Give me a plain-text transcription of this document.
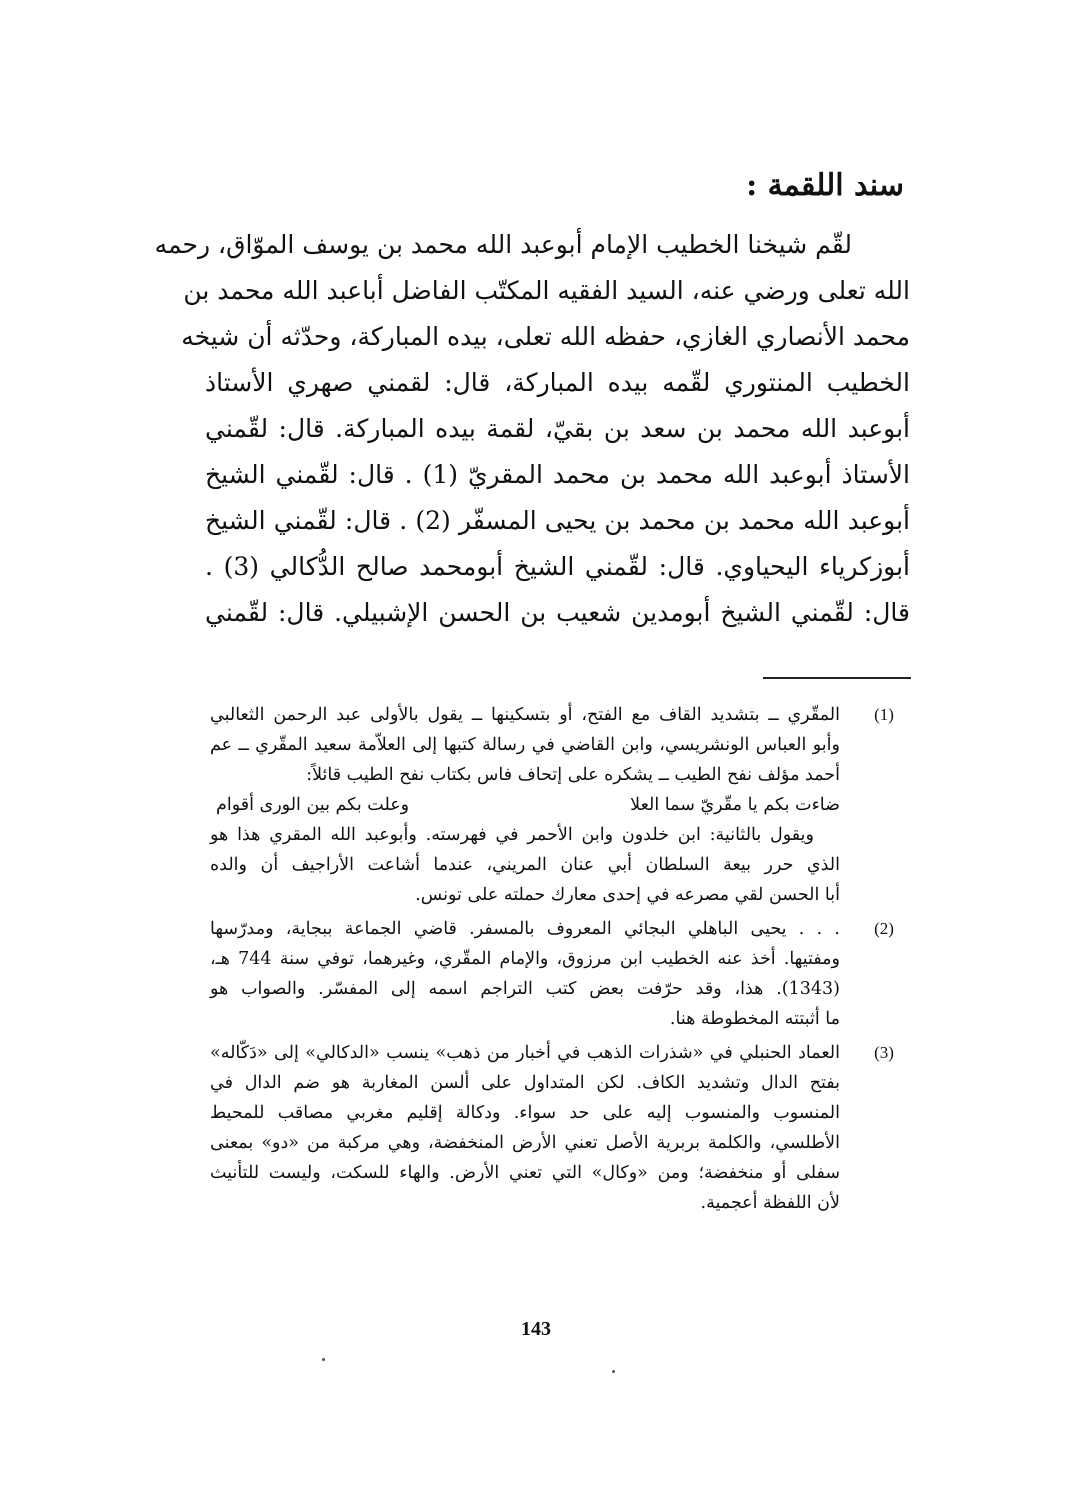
سند اللقمة :
لقّم شيخنا الخطيب الإمام أبوعبد الله محمد بن يوسف الموّاق، رحمه
الله تعلى ورضي عنه، السيد الفقيه المكتّب الفاضل أباعبد الله محمد بن
محمد الأنصاري الغازي، حفظه الله تعلى، بيده المباركة، وحدّثه أن شيخه
الخطيب المنتوري لقّمه بيده المباركة، قال: لقمني صهري الأستاذ
أبوعبد الله محمد بن سعد بن بقيّ، لقمة بيده المباركة. قال: لقّمني
الأستاذ أبوعبد الله محمد بن محمد المقريّ (1) . قال: لقّمني الشيخ
أبوعبد الله محمد بن محمد بن يحيى المسفّر (2) . قال: لقّمني الشيخ
أبوزكرياء اليحياوي. قال: لقّمني الشيخ أبومحمد صالح الدُّكالي (3) .
قال: لقّمني الشيخ أبومدين شعيب بن الحسن الإشبيلي. قال: لقّمني
(1)
المقّري ــ بتشديد القاف مع الفتح، أو بتسكينها ــ يقول بالأولى عبد الرحمن الثعالبي
وأبو العباس الونشريسي، وابن القاضي في رسالة كتبها إلى العلاّمة سعيد المقّري ــ عم
أحمد مؤلف نفح الطيب ــ يشكره على إتحاف فاس بكتاب نفح الطيب قائلاً:
ضاءت بكم يا مقّريّ سما العلا
وعلت بكم بين الورى أقوام
ويقول بالثانية: ابن خلدون وابن الأحمر في فهرسته. وأبوعبد الله المقري هذا هو
الذي حرر بيعة السلطان أبي عنان المريني، عندما أشاعت الأراجيف أن والده
أبا الحسن لقي مصرعه في إحدى معارك حملته على تونس.
(2)
. . . يحيى الباهلي البجائي المعروف بالمسفر. قاضي الجماعة ببجاية، ومدرّسها
ومفتيها. أخذ عنه الخطيب ابن مرزوق، والإمام المقّري، وغيرهما، توفي سنة 744 هـ،
(1343). هذا، وقد حرّفت بعض كتب التراجم اسمه إلى المفسّر. والصواب هو
ما أثبتته المخطوطة هنا.
(3)
العماد الحنبلي في «شذرات الذهب في أخبار من ذهب» ينسب «الدكالي» إلى «دَكّاله»
بفتح الدال وتشديد الكاف. لكن المتداول على ألسن المغاربة هو ضم الدال في
المنسوب والمنسوب إليه على حد سواء. ودكالة إقليم مغربي مصاقب للمحيط
الأطلسي، والكلمة بربرية الأصل تعني الأرض المنخفضة، وهي مركبة من «دو» بمعنى
سفلى أو منخفضة؛ ومن «وكال» التي تعني الأرض. والهاء للسكت، وليست للتأنيث
لأن اللفظة أعجمية.
143
